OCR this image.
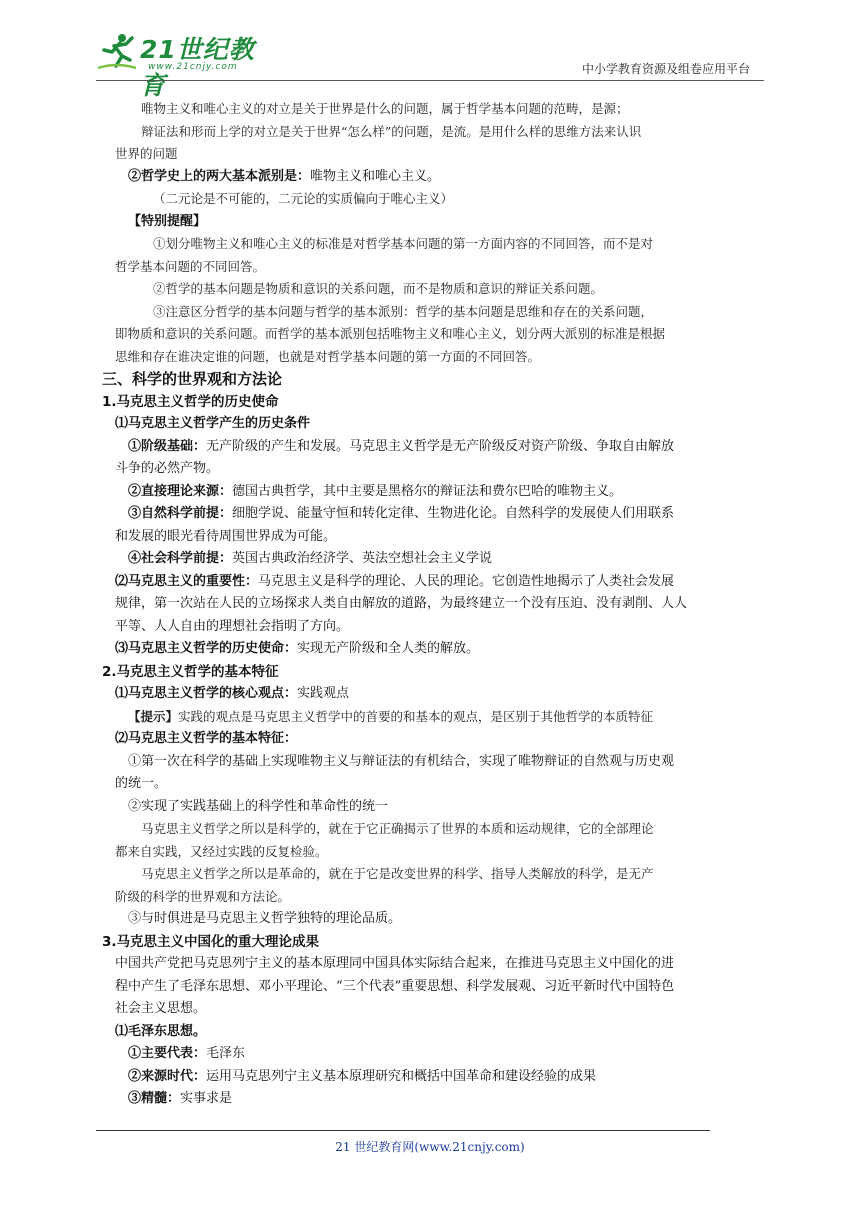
21世纪教育
www.21cnjy.com	中小学教育资源及组卷应用平台
唯物主义和唯心主义的对立是关于世界是什么的问题，属于哲学基本问题的范畴，是源；
辩证法和形而上学的对立是关于世界“怎么样”的问题，是流。是用什么样的思维方法来认识
世界的问题
②哲学史上的两大基本派别是：唯物主义和唯心主义。
（二元论是不可能的，二元论的实质偏向于唯心主义）
【特别提醒】
①划分唯物主义和唯心主义的标准是对哲学基本问题的第一方面内容的不同回答，而不是对
哲学基本问题的不同回答。
②哲学的基本问题是物质和意识的关系问题，而不是物质和意识的辩证关系问题。
③注意区分哲学的基本问题与哲学的基本派别：哲学的基本问题是思维和存在的关系问题，
即物质和意识的关系问题。而哲学的基本派别包括唯物主义和唯心主义，划分两大派别的标准是根据
思维和存在谁决定谁的问题，也就是对哲学基本问题的第一方面的不同回答。
三、科学的世界观和方法论
1.马克思主义哲学的历史使命
⑴马克思主义哲学产生的历史条件
①阶级基础：无产阶级的产生和发展。马克思主义哲学是无产阶级反对资产阶级、争取自由解放
斗争的必然产物。
②直接理论来源：德国古典哲学，其中主要是黑格尔的辩证法和费尔巴哈的唯物主义。
③自然科学前提：细胞学说、能量守恒和转化定律、生物进化论。自然科学的发展使人们用联系
和发展的眼光看待周围世界成为可能。
④社会科学前提：英国古典政治经济学、英法空想社会主义学说
⑵马克思主义的重要性：马克思主义是科学的理论、人民的理论。它创造性地揭示了人类社会发展
规律，第一次站在人民的立场探求人类自由解放的道路，为最终建立一个没有压迫、没有剥削、人人
平等、人人自由的理想社会指明了方向。
⑶马克思主义哲学的历史使命：实现无产阶级和全人类的解放。
2.马克思主义哲学的基本特征
⑴马克思主义哲学的核心观点：实践观点
【提示】实践的观点是马克思主义哲学中的首要的和基本的观点，是区别于其他哲学的本质特征
⑵马克思主义哲学的基本特征：
①第一次在科学的基础上实现唯物主义与辩证法的有机结合，实现了唯物辩证的自然观与历史观
的统一。
②实现了实践基础上的科学性和革命性的统一
马克思主义哲学之所以是科学的，就在于它正确揭示了世界的本质和运动规律，它的全部理论
都来自实践，又经过实践的反复检验。
马克思主义哲学之所以是革命的，就在于它是改变世界的科学、指导人类解放的科学，是无产
阶级的科学的世界观和方法论。
③与时俱进是马克思主义哲学独特的理论品质。
3.马克思主义中国化的重大理论成果
中国共产党把马克思列宁主义的基本原理同中国具体实际结合起来，在推进马克思主义中国化的进
程中产生了毛泽东思想、邓小平理论、“三个代表”重要思想、科学发展观、习近平新时代中国特色
社会主义思想。
⑴毛泽东思想。
①主要代表：毛泽东
②来源时代：运用马克思列宁主义基本原理研究和概括中国革命和建设经验的成果
③精髓：实事求是
21 世纪教育网(www.21cnjy.com)
